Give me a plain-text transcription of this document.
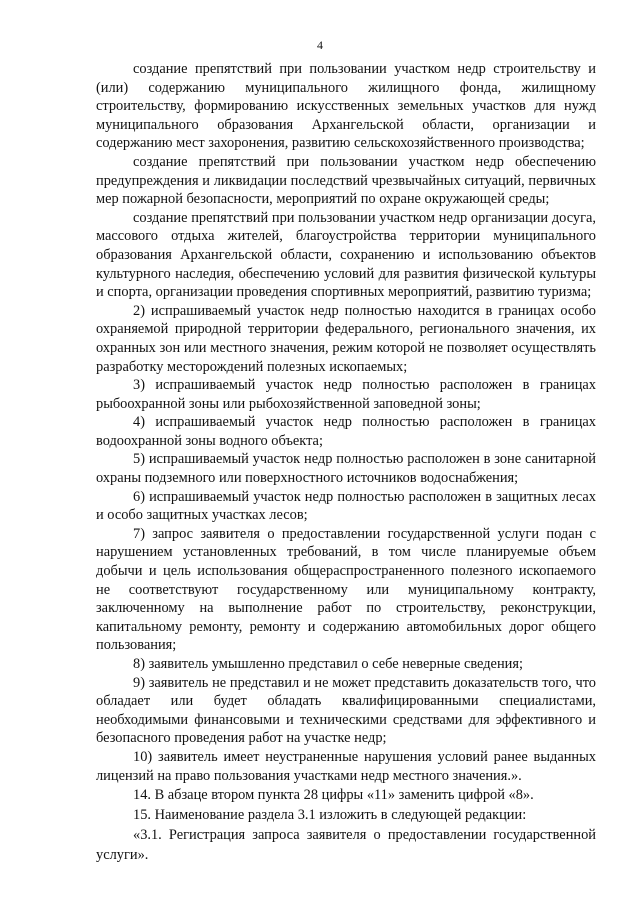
4

создание препятствий при пользовании участком недр строительству и (или) содержанию муниципального жилищного фонда, жилищному строительству, формированию искусственных земельных участков для нужд муниципального образования Архангельской области, организации и содержанию мест захоронения, развитию сельскохозяйственного производства;

создание препятствий при пользовании участком недр обеспечению предупреждения и ликвидации последствий чрезвычайных ситуаций, первичных мер пожарной безопасности, мероприятий по охране окружающей среды;

создание препятствий при пользовании участком недр организации досуга, массового отдыха жителей, благоустройства территории муниципального образования Архангельской области, сохранению и использованию объектов культурного наследия, обеспечению условий для развития физической культуры и спорта, организации проведения спортивных мероприятий, развитию туризма;

2) испрашиваемый участок недр полностью находится в границах особо охраняемой природной территории федерального, регионального значения, их охранных зон или местного значения, режим которой не позволяет осуществлять разработку месторождений полезных ископаемых;

3) испрашиваемый участок недр полностью расположен в границах рыбоохранной зоны или рыбохозяйственной заповедной зоны;

4) испрашиваемый участок недр полностью расположен в границах водоохранной зоны водного объекта;

5) испрашиваемый участок недр полностью расположен в зоне санитарной охраны подземного или поверхностного источников водоснабжения;

6) испрашиваемый участок недр полностью расположен в защитных лесах и особо защитных участках лесов;

7) запрос заявителя о предоставлении государственной услуги подан с нарушением установленных требований, в том числе планируемые объем добычи и цель использования общераспространенного полезного ископаемого не соответствуют государственному или муниципальному контракту, заключенному на выполнение работ по строительству, реконструкции, капитальному ремонту, ремонту и содержанию автомобильных дорог общего пользования;

8) заявитель умышленно представил о себе неверные сведения;

9) заявитель не представил и не может представить доказательств того, что обладает или будет обладать квалифицированными специалистами, необходимыми финансовыми и техническими средствами для эффективного и безопасного проведения работ на участке недр;

10) заявитель имеет неустраненные нарушения условий ранее выданных лицензий на право пользования участками недр местного значения.».

14. В абзаце втором пункта 28 цифры «11» заменить цифрой «8».

15. Наименование раздела 3.1 изложить в следующей редакции:

«3.1. Регистрация запроса заявителя о предоставлении государственной услуги».
